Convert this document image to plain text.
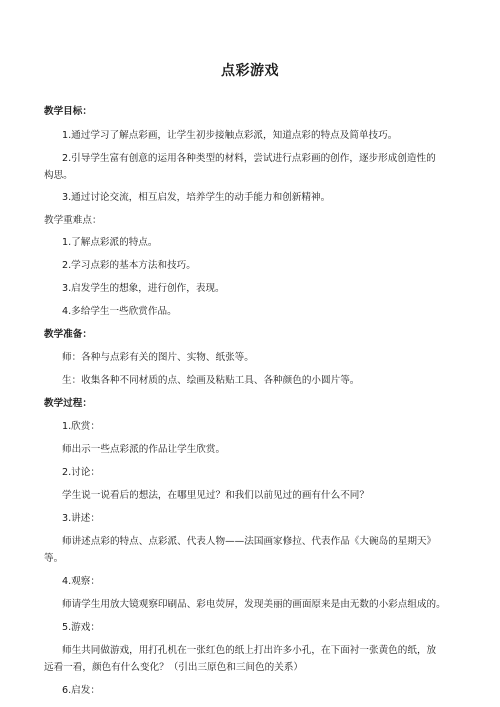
点彩游戏
教学目标：
1.通过学习了解点彩画，让学生初步接触点彩派，知道点彩的特点及简单技巧。
2.引导学生富有创意的运用各种类型的材料，尝试进行点彩画的创作，逐步形成创造性的
构思。
3.通过讨论交流，相互启发，培养学生的动手能力和创新精神。
教学重难点：
1.了解点彩派的特点。
2.学习点彩的基本方法和技巧。
3.启发学生的想象，进行创作，表现。
4.多给学生一些欣赏作品。
教学准备：
师：各种与点彩有关的图片、实物、纸张等。
生：收集各种不同材质的点、绘画及粘贴工具、各种颜色的小圆片等。
教学过程：
1.欣赏：
师出示一些点彩派的作品让学生欣赏。
2.讨论：
学生说一说看后的想法，在哪里见过？和我们以前见过的画有什么不同？
3.讲述：
师讲述点彩的特点、点彩派、代表人物——法国画家修拉、代表作品《大碗岛的星期天》
等。
4.观察：
师请学生用放大镜观察印刷品、彩电荧屏，发现美丽的画面原来是由无数的小彩点组成的。
5.游戏：
师生共同做游戏，用打孔机在一张红色的纸上打出许多小孔，在下面衬一张黄色的纸，放
远看一看，颜色有什么变化？（引出三原色和三间色的关系）
6.启发：
